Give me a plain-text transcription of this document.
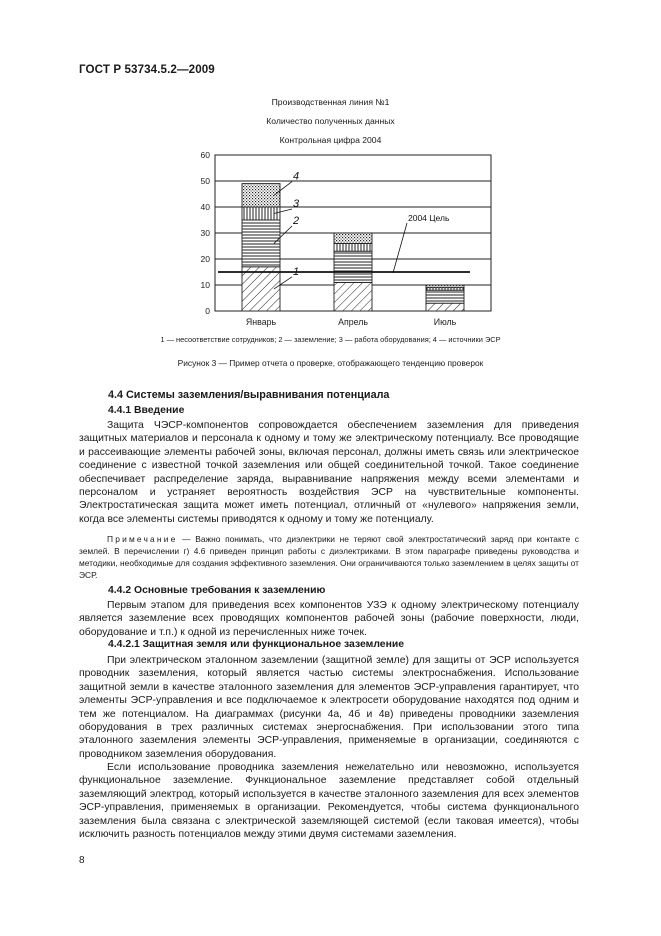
ГОСТ Р 53734.5.2—2009
Производственная линия №1
Количество полученных данных
Контрольная цифра 2004
0
10
20
30
40
50
60
Январь	Апрель	Июль
2004 Цель
1
2
3
4
1 — несоответствие сотрудников; 2 — заземление; 3 — работа оборудования; 4 — источники ЭСР
Рисунок 3 — Пример отчета о проверке, отображающего тенденцию проверок
4.4 Системы заземления/выравнивания потенциала
4.4.1 Введение
Защита ЧЭСР-компонентов сопровождается обеспечением заземления для приведения защитных материалов и персонала к одному и тому же электрическому потенциалу. Все проводящие и рассеивающие элементы рабочей зоны, включая персонал, должны иметь связь или электрическое соединение с известной точкой заземления или общей соединительной точкой. Такое соединение обеспечивает распределение заряда, выравнивание напряжения между всеми элементами и персоналом и устраняет вероятность воздействия ЭСР на чувствительные компоненты. Электростатическая защита может иметь потенциал, отличный от «нулевого» напряжения земли, когда все элементы системы приводятся к одному и тому же потенциалу.
Примечание — Важно понимать, что диэлектрики не теряют свой электростатический заряд при контакте с землей. В перечислении г) 4.6 приведен принцип работы с диэлектриками. В этом параграфе приведены руководства и методики, необходимые для создания эффективного заземления. Они ограничиваются только заземлением в целях защиты от ЭСР.
4.4.2 Основные требования к заземлению
Первым этапом для приведения всех компонентов УЗЭ к одному электрическому потенциалу является заземление всех проводящих компонентов рабочей зоны (рабочие поверхности, люди, оборудование и т.п.) к одной из перечисленных ниже точек.
4.4.2.1 Защитная земля или функциональное заземление
При электрическом эталонном заземлении (защитной земле) для защиты от ЭСР используется проводник заземления, который является частью системы электроснабжения. Использование защитной земли в качестве эталонного заземления для элементов ЭСР-управления гарантирует, что элементы ЭСР-управления и все подключаемое к электросети оборудование находятся под одним и тем же потенциалом. На диаграммах (рисунки 4а, 4б и 4в) приведены проводники заземления оборудования в трех различных системах энергоснабжения. При использовании этого типа эталонного заземления элементы ЭСР-управления, применяемые в организации, соединяются с проводником заземления оборудования.
Если использование проводника заземления нежелательно или невозможно, используется функциональное заземление. Функциональное заземление представляет собой отдельный заземляющий электрод, который используется в качестве эталонного заземления для всех элементов ЭСР-управления, применяемых в организации. Рекомендуется, чтобы система функционального заземления была связана с электрической заземляющей системой (если таковая имеется), чтобы исключить разность потенциалов между этими двумя системами заземления.
8
